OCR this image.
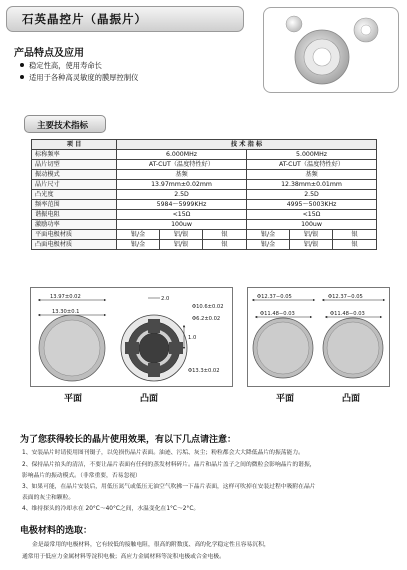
石英晶控片（晶振片）
产品特点及应用
稳定性高，使用寿命长
适用于各种高灵敏度的膜厚控制仪
主要技术指标
项 目	技 术 指 标					
标称频率	6.000MHz			5.000MHz		
晶片切型	AT-CUT（温度特性好）			AT-CUT（温度特性好）		
振动模式	基频			基频		
晶片尺寸	13.97mm±0.02mm			12.38mm±0.01mm		
凸光度	2.5D			2.5D		
频率范围	5984～5999KHz			4995～5003KHz		
谐振电阻	<15Ω			<15Ω		
激励功率	100uw			100uw		
平面电极材质	银/金	铝/银	银	银/金	铝/银	银
凸面电极材质	银/金	铝/银	银	银/金	铝/银	银
13.97±0.02
13.30±0.1
2.0
Φ10.6±0.02
Φ6.2±0.02
1.0
Φ13.3±0.02
平面	凸面
Φ12.37−0.05
Φ11.48−0.03
Φ12.37−0.05
Φ11.48−0.03
平面	凸面
为了您获得较长的晶片使用效果，有以下几点请注意：
1、安装晶片时请使用图刊镊子，以免损伤晶片表面。油迹、污垢、灰尘；粉粒都会大大降低晶片的振荡能力。
2、保持晶片拍头的清洁，不要让晶片表面有任何的蒸发材料碎片。晶片和晶片盖子之间的微粒会影响晶片的谐振，
影响晶片的振动模式。（非常重要，否易忽视）
3、如果可能，在晶片安装后，用低压氮气或低压无油空气吹拂一下晶片表面，这样可吹掉在安装过程中吸附在晶片
表面的灰尘和颗粒。
4、维持探头的冷却水在 20°C～40°C之间，水温变化在1°C～2°C。
电极材料的选取：
金是最常用的电极材料，它有较低的接触电阻，很高的附数度、高的化学稳定性且容易沉积，
通常用于低应力金属材料等淀积电极；高应力金属材料等淀积电极或合金电极。
